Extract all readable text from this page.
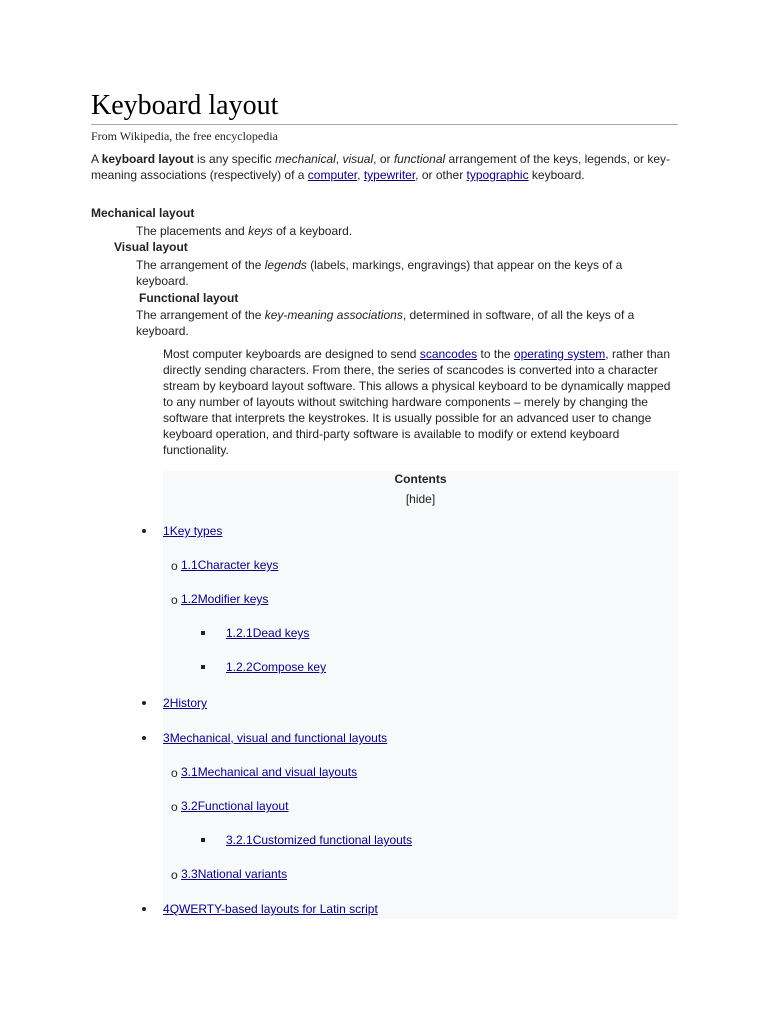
Keyboard layout
From Wikipedia, the free encyclopedia

A keyboard layout is any specific mechanical, visual, or functional arrangement of the keys, legends, or key-meaning associations (respectively) of a computer, typewriter, or other typographic keyboard.

Mechanical layout

The placements and keys of a keyboard.

Visual layout

The arrangement of the legends (labels, markings, engravings) that appear on the keys of a keyboard.

Functional layout

The arrangement of the key-meaning associations, determined in software, of all the keys of a keyboard.

Most computer keyboards are designed to send scancodes to the operating system, rather than directly sending characters. From there, the series of scancodes is converted into a character stream by keyboard layout software. This allows a physical keyboard to be dynamically mapped to any number of layouts without switching hardware components – merely by changing the software that interprets the keystrokes. It is usually possible for an advanced user to change keyboard operation, and third-party software is available to modify or extend keyboard functionality.

Contents
[hide]
1Key types
o 1.1Character keys
o 1.2Modifier keys
1.2.1Dead keys
1.2.2Compose key
2History
3Mechanical, visual and functional layouts
o 3.1Mechanical and visual layouts
o 3.2Functional layout
3.2.1Customized functional layouts
o 3.3National variants
4QWERTY-based layouts for Latin script
